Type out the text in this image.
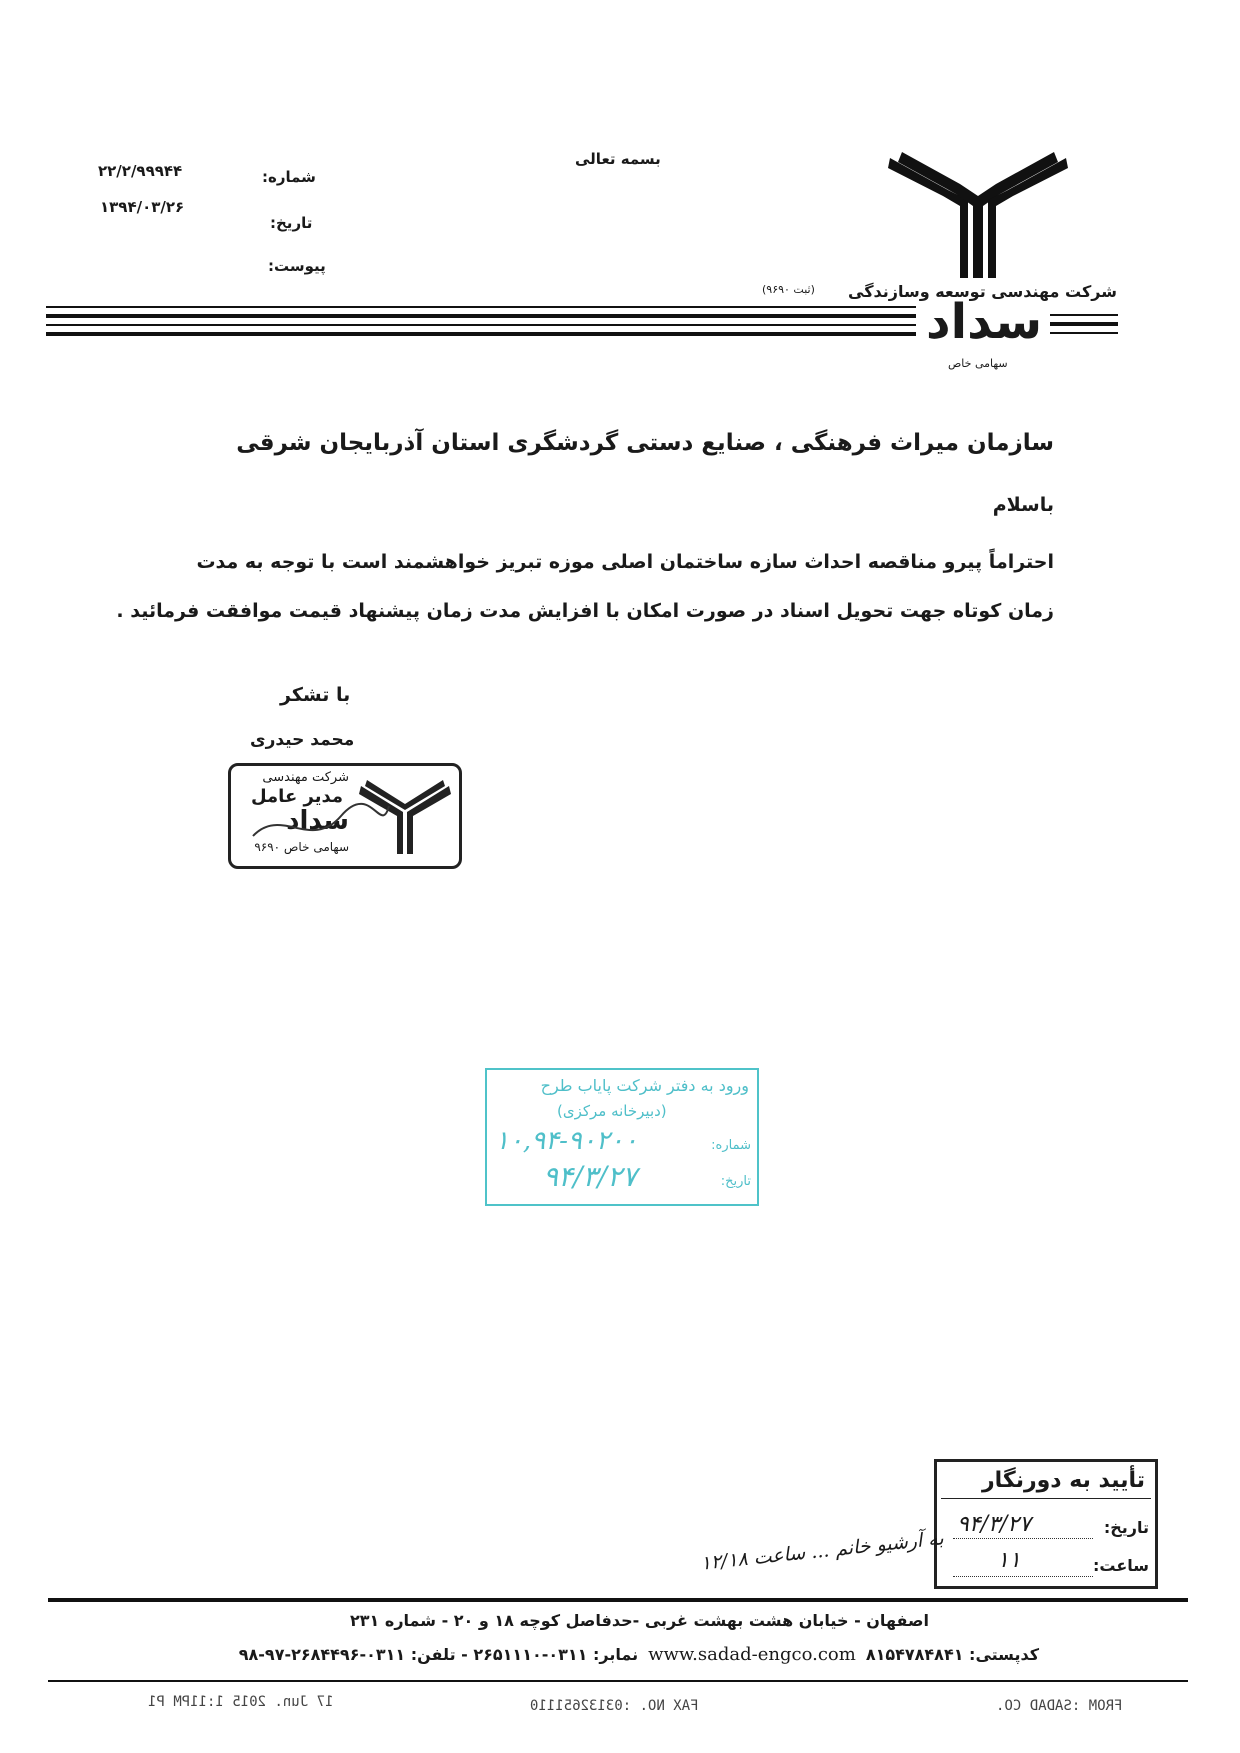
شماره:
۲۲/۲/۹۹۹۴۴
تاریخ:
۱۳۹۴/۰۳/۲۶
پیوست:
بسمه تعالی
شرکت مهندسی توسعه وسازندگی
(ثبت ۹۶۹۰)
سداد
سهامی خاص
سازمان میراث فرهنگی ، صنایع دستی گردشگری استان آذربایجان شرقی
باسلام
احتراماً پیرو مناقصه احداث سازه ساختمان اصلی موزه تبریز خواهشمند است با توجه به مدت
زمان کوتاه جهت تحویل اسناد در صورت امکان با افزایش مدت زمان پیشنهاد قیمت موافقت فرمائید .
با تشکر
محمد حیدری
شرکت مهندسی
مدیر عامل
سداد
سهامی خاص ۹۶۹۰
ورود به دفتر شرکت پایاب طرح
(دبیرخانه مرکزی)
شماره:
۱۰,۹۴-۹۰۲۰۰
تاریخ:
۹۴/۳/۲۷
تأیید به دورنگار
تاریخ:
۹۴/۳/۲۷
ساعت:
۱۱
به آرشیو خانم ... ساعت ۱۲/۱۸
اصفهان - خیابان هشت بهشت غربی -حدفاصل کوچه ۱۸ و ۲۰ - شماره ۲۳۱
نمابر: ۰۳۱۱-۲۶۵۱۱۱۰ - تلفن: ۰۳۱۱-۲۶۸۴۴۹۶-۹۷-۹۸ www.sadad-engco.com کدپستی: ۸۱۵۴۷۸۴۸۴۱
FROM :SADAD CO.
FAX NO. :03132651110
17 Jun. 2015 1:11PM P1
